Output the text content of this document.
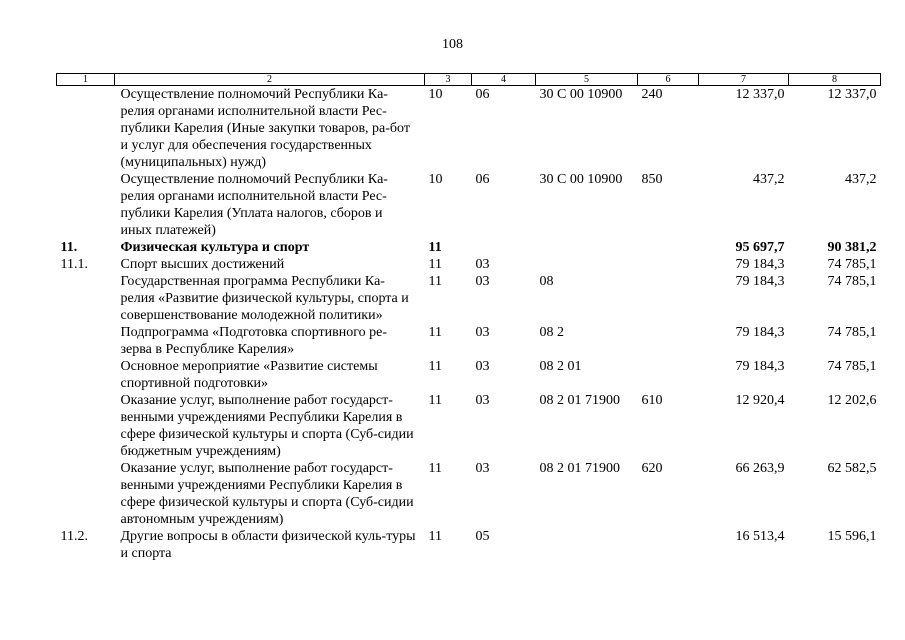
108
1	2	3	4	5	6	7	8
	Осуществление полномочий Республики Ка-релия органами исполнительной власти Рес-публики Карелия (Иные закупки товаров, ра-бот и услуг для обеспечения государственных (муниципальных) нужд)	10	06	30 С 00 10900	240	12 337,0	12 337,0
	Осуществление полномочий Республики Ка-релия органами исполнительной власти Рес-публики Карелия (Уплата налогов, сборов и иных платежей)	10	06	30 С 00 10900	850	437,2	437,2
11.	Физическая культура и спорт	11				95 697,7	90 381,2
11.1.	Спорт высших достижений	11	03			79 184,3	74 785,1
	Государственная программа Республики Ка-релия «Развитие физической культуры, спорта и совершенствование молодежной политики»	11	03	08		79 184,3	74 785,1
	Подпрограмма «Подготовка спортивного ре-зерва в Республике Карелия»	11	03	08 2		79 184,3	74 785,1
	Основное мероприятие «Развитие системы спортивной подготовки»	11	03	08 2 01		79 184,3	74 785,1
	Оказание услуг, выполнение работ государст-венными учреждениями Республики Карелия в сфере физической культуры и спорта (Суб-сидии бюджетным учреждениям)	11	03	08 2 01 71900	610	12 920,4	12 202,6
	Оказание услуг, выполнение работ государст-венными учреждениями Республики Карелия в сфере физической культуры и спорта (Суб-сидии автономным учреждениям)	11	03	08 2 01 71900	620	66 263,9	62 582,5
11.2.	Другие вопросы в области физической куль-туры и спорта	11	05			16 513,4	15 596,1
